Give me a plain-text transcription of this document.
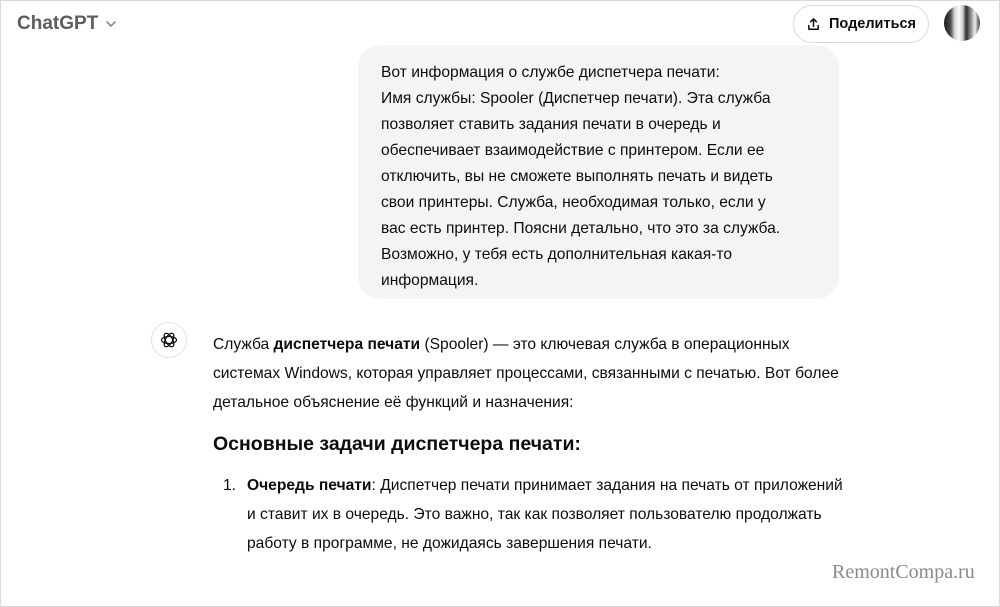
ChatGPT	Поделиться

Вот информация о службе диспетчера печати:
Имя службы: Spooler (Диспетчер печати). Эта служба
позволяет ставить задания печати в очередь и
обеспечивает взаимодействие с принтером. Если ее
отключить, вы не сможете выполнять печать и видеть
свои принтеры. Служба, необходимая только, если у
вас есть принтер. Поясни детально, что это за служба.
Возможно, у тебя есть дополнительная какая-то
информация.

Служба диспетчера печати (Spooler) — это ключевая служба в операционных системах Windows, которая управляет процессами, связанными с печатью. Вот более детальное объяснение её функций и назначения:

Основные задачи диспетчера печати:
1. Очередь печати: Диспетчер печати принимает задания на печать от приложений и ставит их в очередь. Это важно, так как позволяет пользователю продолжать работу в программе, не дожидаясь завершения печати.
RemontCompa.ru
